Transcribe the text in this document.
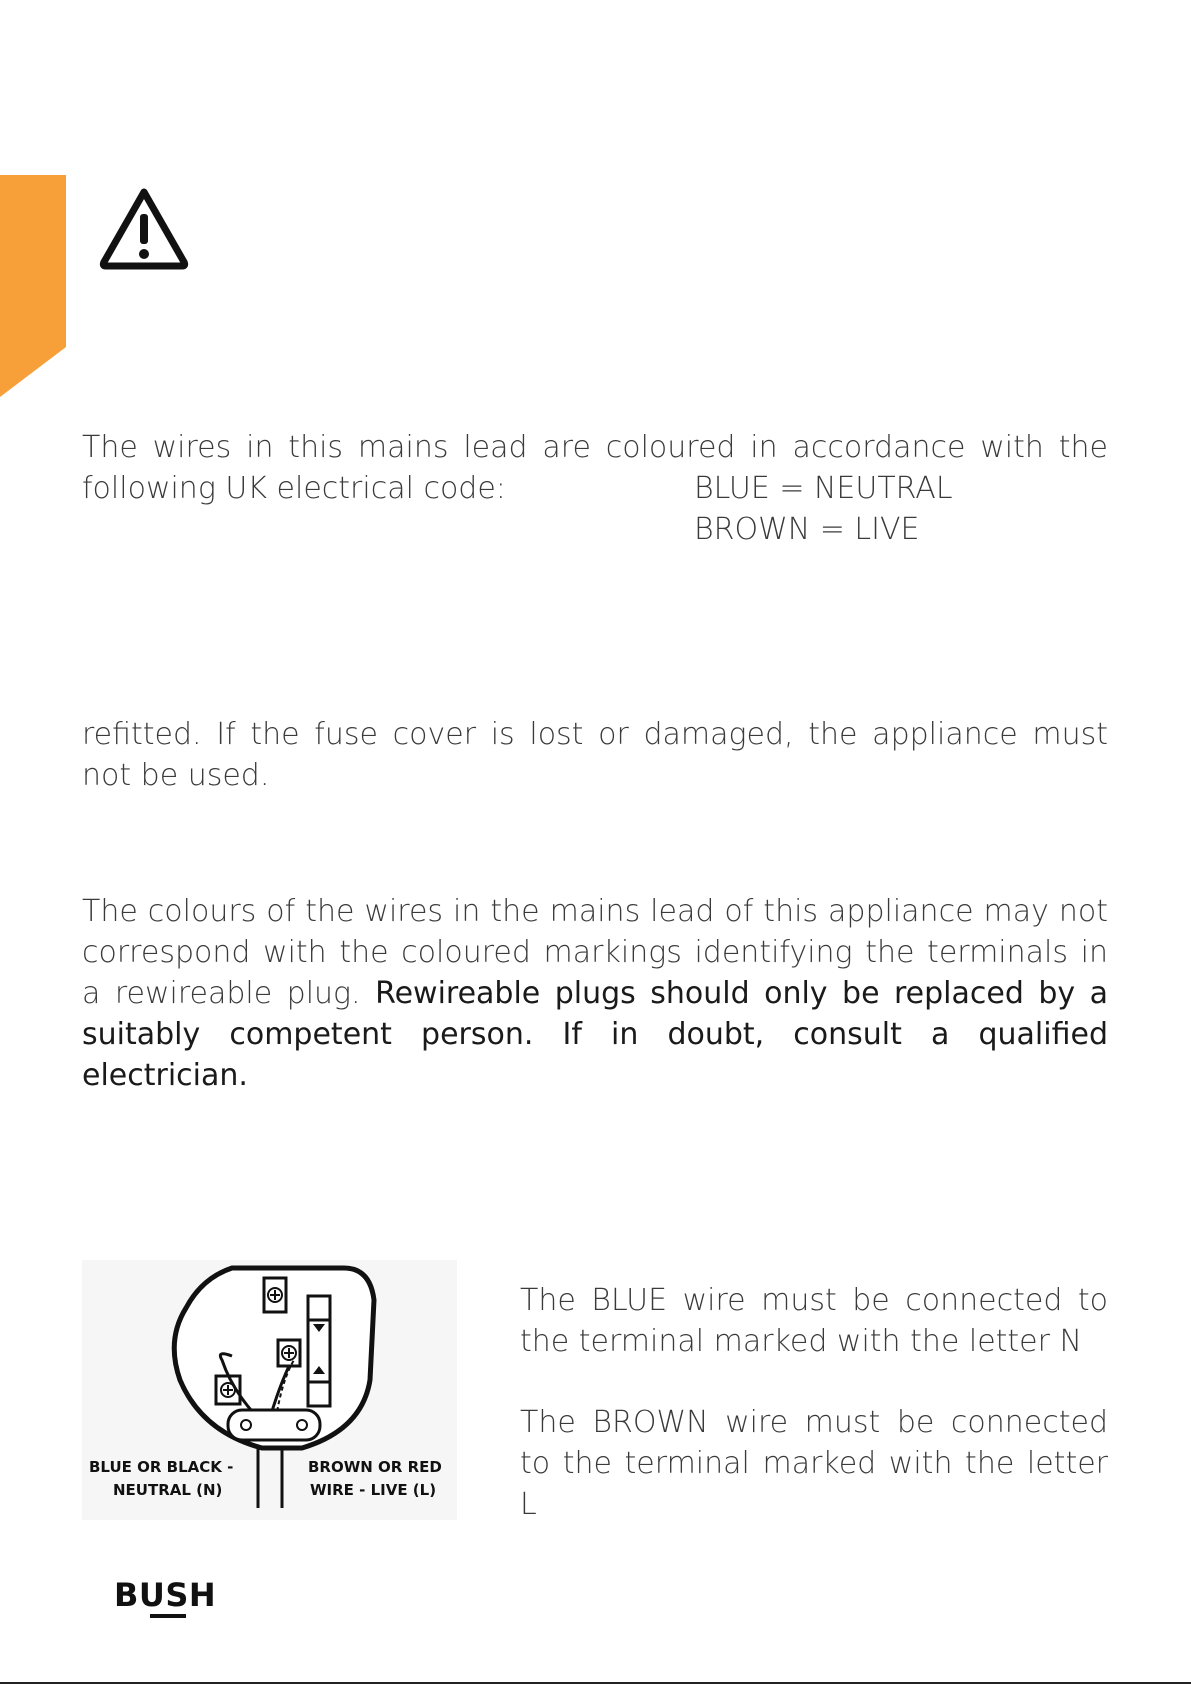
The wires in this mains lead are coloured in accordance with the following UK electrical code:	BLUE = NEUTRAL
BROWN = LIVE

refitted. If the fuse cover is lost or damaged, the appliance must not be used.

The colours of the wires in the mains lead of this appliance may not correspond with the coloured markings identifying the terminals in a rewireable plug. Rewireable plugs should only be replaced by a suitably competent person. If in doubt, consult a qualified electrician.

BLUE OR BLACK -
NEUTRAL (N)
BROWN OR RED
WIRE - LIVE (L)

The BLUE wire must be connected to the terminal marked with the letter N

The BROWN wire must be connected to the terminal marked with the letter L

BUSH
